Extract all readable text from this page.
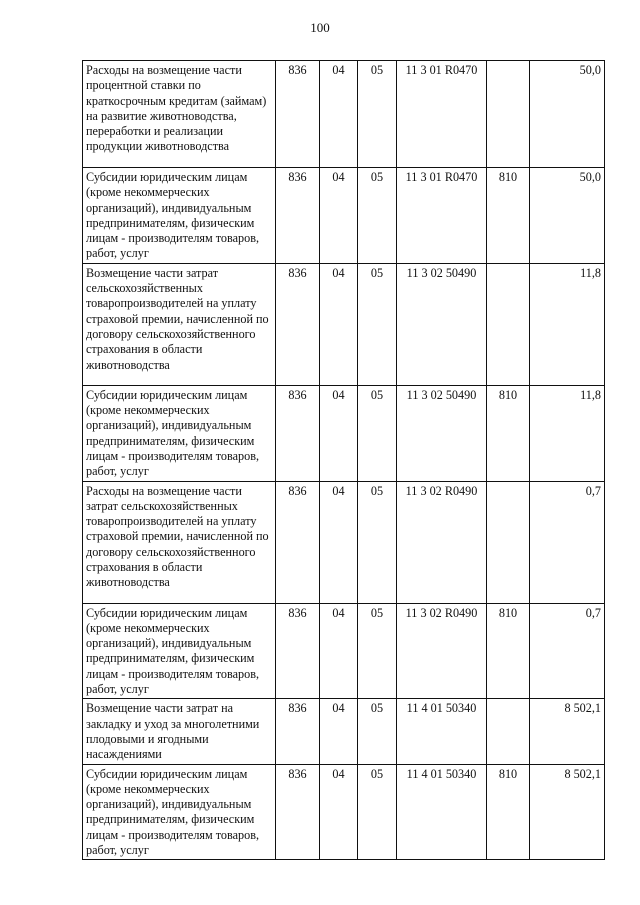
100
Расходы на возмещение части процентной ставки по краткосрочным кредитам (займам) на развитие животноводства, переработки и реализации продукции животноводства	836	04	05	11 3 01 R0470		50,0
Субсидии юридическим лицам (кроме некоммерческих организаций), индивидуальным предпринимателям, физическим лицам - производителям товаров, работ, услуг	836	04	05	11 3 01 R0470	810	50,0
Возмещение части затрат сельскохозяйственных товаропроизводителей на уплату страховой премии, начисленной по договору сельскохозяйственного страхования в области животноводства	836	04	05	11 3 02 50490		11,8
Субсидии юридическим лицам (кроме некоммерческих организаций), индивидуальным предпринимателям, физическим лицам - производителям товаров, работ, услуг	836	04	05	11 3 02 50490	810	11,8
Расходы на возмещение части затрат сельскохозяйственных товаропроизводителей на уплату страховой премии, начисленной по договору сельскохозяйственного страхования в области животноводства	836	04	05	11 3 02 R0490		0,7
Субсидии юридическим лицам (кроме некоммерческих организаций), индивидуальным предпринимателям, физическим лицам - производителям товаров, работ, услуг	836	04	05	11 3 02 R0490	810	0,7
Возмещение части затрат на закладку и уход за многолетними плодовыми и ягодными насаждениями	836	04	05	11 4 01 50340		8 502,1
Субсидии юридическим лицам (кроме некоммерческих организаций), индивидуальным предпринимателям, физическим лицам - производителям товаров, работ, услуг	836	04	05	11 4 01 50340	810	8 502,1
